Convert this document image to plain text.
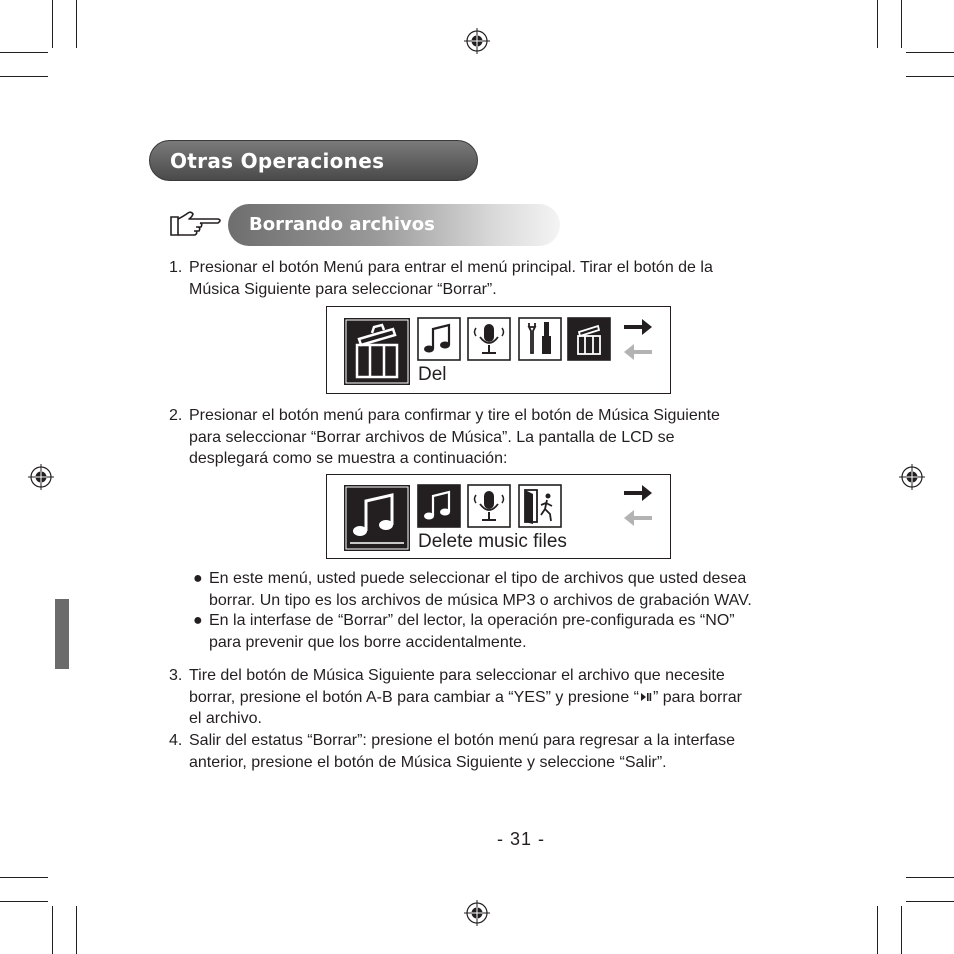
Otras Operaciones
Borrando archivos
1. Presionar el botón Menú para entrar el menú principal. Tirar el botón de la
Música Siguiente para seleccionar “Borrar”.
Del
2. Presionar el botón menú para confirmar y tire el botón de Música Siguiente
para seleccionar “Borrar archivos de Música”. La pantalla de LCD se
desplegará como se muestra a continuación:
Delete music files
● En este menú, usted puede seleccionar el tipo de archivos que usted desea
borrar. Un tipo es los archivos de música MP3 o archivos de grabación WAV.
● En la interfase de “Borrar” del lector, la operación pre-configurada es “NO”
para prevenir que los borre accidentalmente.
3. Tire del botón de Música Siguiente para seleccionar el archivo que necesite
borrar, presione el botón A-B para cambiar a “YES” y presione “ ” para borrar
el archivo.
4. Salir del estatus “Borrar”: presione el botón menú para regresar a la interfase
anterior, presione el botón de Música Siguiente y seleccione “Salir”.
- 31 -
